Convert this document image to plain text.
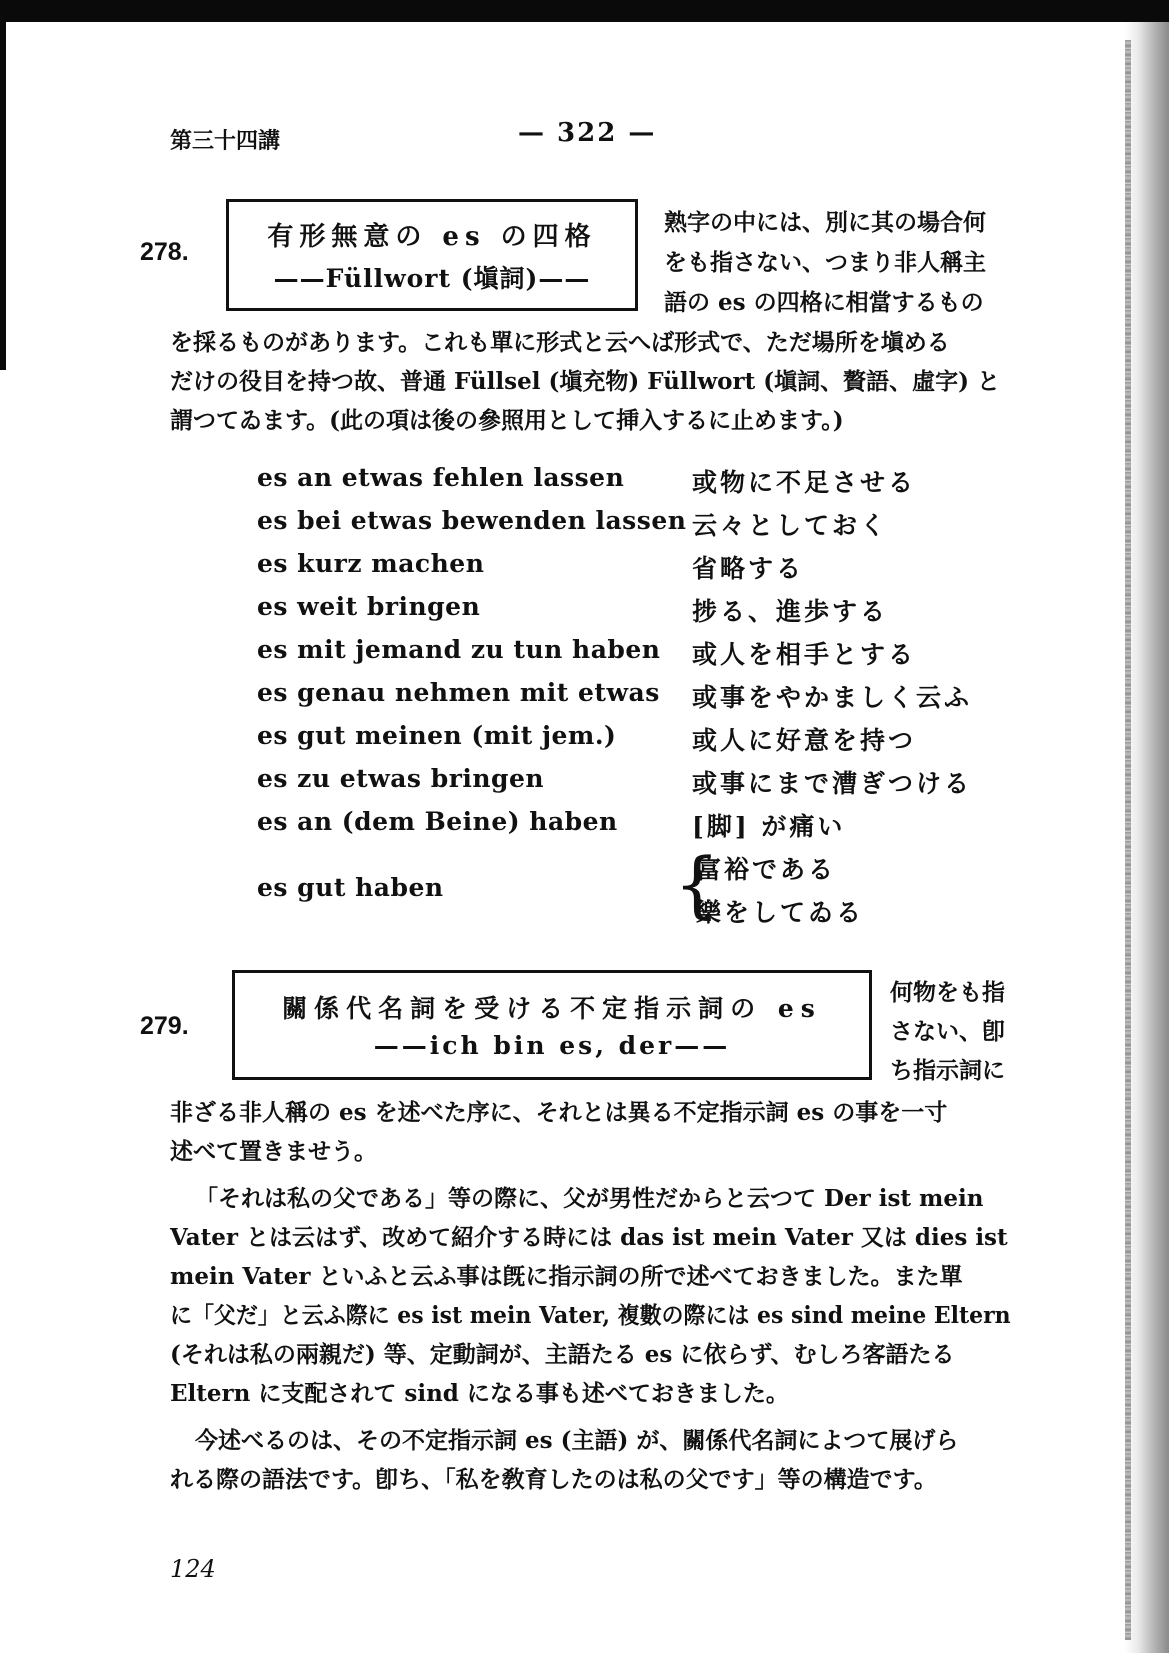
第三十四講	— 322 —
278.	有形無意の es の四格
——Füllwort (塡詞)——
熟字の中には、別に其の場合何
をも指さない、つまり非人稱主
語の es の四格に相當するもの
を採るものがあります。これも單に形式と云へば形式で、ただ場所を塡める
だけの役目を持つ故、普通 Füllsel (塡充物) Füllwort (塡詞、贅語、虛字) と
謂つてゐます。(此の項は後の參照用として挿入するに止めます。)
es an etwas fehlen lassen	或物に不足させる
es bei etwas bewenden lassen 云々としておく
es kurz machen	省略する
es weit bringen	捗る、進歩する
es mit jemand zu tun haben 或人を相手とする
es genau nehmen mit etwas 或事をやかましく云ふ
es gut meinen (mit jem.)	或人に好意を持つ
es zu etwas bringen	或事にまで漕ぎつける
es an (dem Beine) haben	[脚] が痛い
es gut haben	{
富裕である
樂をしてゐる
279.
關係代名詞を受ける不定指示詞の es
——ich bin es, der——
何物をも指
さない、卽
ち指示詞に
非ざる非人稱の es を述べた序に、それとは異る不定指示詞 es の事を一寸
述べて置きませう。
「それは私の父である」等の際に、父が男性だからと云つて Der ist mein
Vater とは云はず、改めて紹介する時には das ist mein Vater 又は dies ist
mein Vater といふと云ふ事は旣に指示詞の所で述べておきました。また單
に「父だ」と云ふ際に es ist mein Vater, 複數の際には es sind meine Eltern
(それは私の兩親だ) 等、定動詞が、主語たる es に依らず、むしろ客語たる
Eltern に支配されて sind になる事も述べておきました。
今述べるのは、その不定指示詞 es (主語) が、關係代名詞によつて展げら
れる際の語法です。卽ち、「私を敎育したのは私の父です」等の構造です。
124
